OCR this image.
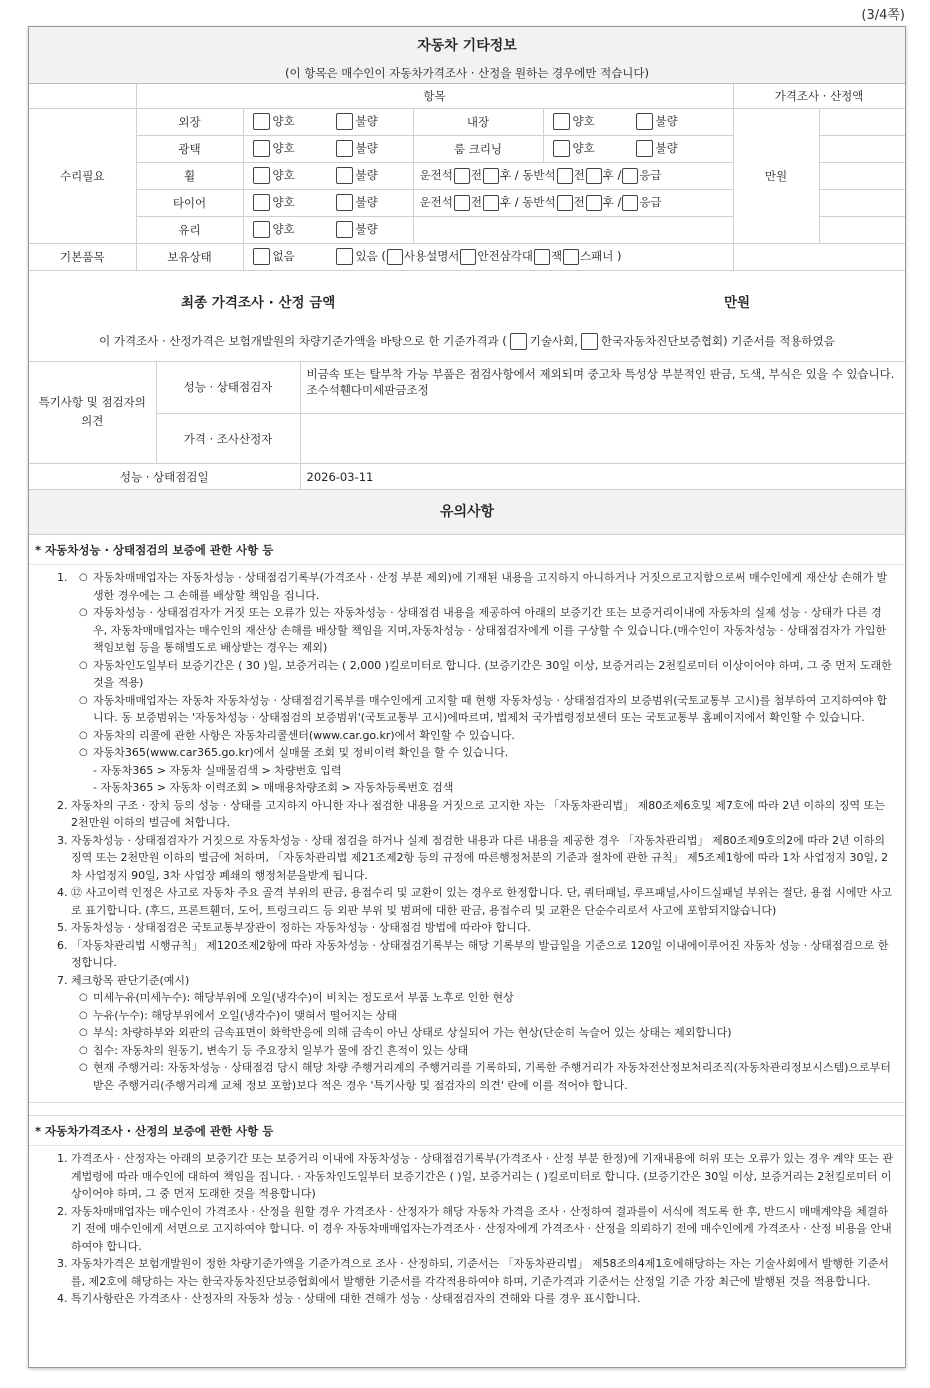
(3/4쪽)
자동차 기타정보
(이 항목은 매수인이 자동차가격조사 · 산정을 원하는 경우에만 적습니다)
	항목				가격조사 · 산정액	
수리필요	외장	양호 불량	내장	양호 불량	만원	
	광택	양호 불량	룸 크리닝	양호 불량		
	휠	양호 불량	운전석 전 후 / 동반석 전 후 / 응급			
	타이어	양호 불량	운전석 전 후 / 동반석 전 후 / 응급			
	유리	양호 불량				
기본품목	보유상태	없음 있음 ( 사용설명서 안전삼각대 잭 스패너 )				
최종 가격조사 · 산정 금액	만원
이 가격조사 · 산정가격은 보험개발원의 차량기준가액을 바탕으로 한 기준가격과 ( 기술사회, 한국자동차진단보증협회) 기준서를 적용하였음
특기사항 및 점검자의 의견	성능 · 상태점검자	비금속 또는 탈부착 가능 부품은 점검사항에서 제외되며 중고차 특성상 부분적인 판금, 도색, 부식은 있을 수 있습니다. 조수석휀다미세판금조정
	가격 · 조사산정자	
성능 · 상태점검일		2026-03-11
유의사항
* 자동차성능 · 상태점검의 보증에 관한 사항 등
1. ○ 자동차매매업자는 자동차성능 · 상태점검기록부(가격조사 · 산정 부분 제외)에 기재된 내용을 고지하지 아니하거나 거짓으로고지함으로써 매수인에게 재산상 손해가 발생한 경우에는 그 손해를 배상할 책임을 집니다.
○ 자동차성능 · 상태점검자가 거짓 또는 오류가 있는 자동차성능 · 상태점검 내용을 제공하여 아래의 보증기간 또는 보증거리이내에 자동차의 실제 성능 · 상태가 다른 경우, 자동차매매업자는 매수인의 재산상 손해를 배상할 책임을 지며,자동차성능 · 상태점검자에게 이를 구상할 수 있습니다.(매수인이 자동차성능 · 상태점검자가 가입한 책임보험 등을 통해별도로 배상받는 경우는 제외)
○ 자동차인도일부터 보증기간은 ( 30 )일, 보증거리는 ( 2,000 )킬로미터로 합니다. (보증기간은 30일 이상, 보증거리는 2천킬로미터 이상이어야 하며, 그 중 먼저 도래한 것을 적용)
○ 자동차매매업자는 자동차 자동차성능 · 상태점검기록부를 매수인에게 고지할 때 현행 자동차성능 · 상태점검자의 보증범위(국토교통부 고시)를 첨부하여 고지하여야 합니다. 동 보증범위는 '자동차성능 · 상태점검의 보증범위'(국토교통부 고시)에따르며, 법제처 국가법령정보센터 또는 국토교통부 홈페이지에서 확인할 수 있습니다.
○ 자동차의 리콜에 관한 사항은 자동차리콜센터(www.car.go.kr)에서 확인할 수 있습니다.
○ 자동차365(www.car365.go.kr)에서 실매물 조회 및 정비이력 확인을 할 수 있습니다.
- 자동차365 > 자동차 실매물검색 > 차량번호 입력
- 자동차365 > 자동차 이력조회 > 매매용차량조회 > 자동차등록번호 검색
2. 자동차의 구조 · 장치 등의 성능 · 상태를 고지하지 아니한 자나 점검한 내용을 거짓으로 고지한 자는 「자동차관리법」 제80조제6호및 제7호에 따라 2년 이하의 징역 또는 2천만원 이하의 벌금에 처합니다.
3. 자동차성능 · 상태점검자가 거짓으로 자동차성능 · 상태 점검을 하거나 실제 점검한 내용과 다른 내용을 제공한 경우 「자동차관리법」 제80조제9호의2에 따라 2년 이하의 징역 또는 2천만원 이하의 벌금에 처하며, 「자동차관리법 제21조제2항 등의 규정에 따른행정처분의 기준과 절차에 관한 규칙」 제5조제1항에 따라 1차 사업정지 30일, 2차 사업정지 90일, 3차 사업장 폐쇄의 행정처분을받게 됩니다.
4. ⑫ 사고이력 인정은 사고로 자동차 주요 골격 부위의 판금, 용접수리 및 교환이 있는 경우로 한정합니다. 단, 쿼터패널, 루프패널,사이드실패널 부위는 절단, 용접 시에만 사고로 표기합니다. (후드, 프론트휀더, 도어, 트렁크리드 등 외판 부위 및 범퍼에 대한 판금, 용접수리 및 교환은 단순수리로서 사고에 포함되지않습니다)
5. 자동차성능 · 상태점검은 국토교통부장관이 정하는 자동차성능 · 상태점검 방법에 따라야 합니다.
6. 「자동차관리법 시행규칙」 제120조제2항에 따라 자동차성능 · 상태점검기록부는 해당 기록부의 발급일을 기준으로 120일 이내에이루어진 자동차 성능 · 상태점검으로 한정합니다.
7. 체크항목 판단기준(예시)
○ 미세누유(미세누수): 해당부위에 오일(냉각수)이 비치는 정도로서 부품 노후로 인한 현상
○ 누유(누수): 해당부위에서 오일(냉각수)이 맺혀서 떨어지는 상태
○ 부식: 차량하부와 외판의 금속표면이 화학반응에 의해 금속이 아닌 상태로 상실되어 가는 현상(단순히 녹슬어 있는 상태는 제외합니다)
○ 침수: 자동차의 원동기, 변속기 등 주요장치 일부가 물에 잠긴 흔적이 있는 상태
○ 현재 주행거리: 자동차성능 · 상태점검 당시 해당 차량 주행거리계의 주행거리를 기록하되, 기록한 주행거리가 자동차전산정보처리조직(자동차관리정보시스템)으로부터 받은 주행거리(주행거리계 교체 정보 포함)보다 적은 경우 '특기사항 및 점검자의 의견' 란에 이를 적어야 합니다.
* 자동차가격조사 · 산정의 보증에 관한 사항 등
1. 가격조사 · 산정자는 아래의 보증기간 또는 보증거리 이내에 자동차성능 · 상태점검기록부(가격조사 · 산정 부분 한정)에 기재내용에 허위 또는 오류가 있는 경우 계약 또는 관계법령에 따라 매수인에 대하여 책임을 집니다. · 자동차인도일부터 보증기간은 ( )일, 보증거리는 ( )킬로미터로 합니다. (보증기간은 30일 이상, 보증거리는 2천킬로미터 이상이어야 하며, 그 중 먼저 도래한 것을 적용합니다)
2. 자동차매매업자는 매수인이 가격조사 · 산정을 원할 경우 가격조사 · 산정자가 해당 자동차 가격을 조사 · 산정하여 결과를이 서식에 적도록 한 후, 반드시 매매계약을 체결하기 전에 매수인에게 서면으로 고지하여야 합니다. 이 경우 자동차매매업자는가격조사 · 산정자에게 가격조사 · 산정을 의뢰하기 전에 매수인에게 가격조사 · 산정 비용을 안내하여야 합니다.
3. 자동차가격은 보험개발원이 정한 차량기준가액을 기준가격으로 조사 · 산정하되, 기준서는 「자동차관리법」 제58조의4제1호에해당하는 자는 기술사회에서 발행한 기준서를, 제2호에 해당하는 자는 한국자동차진단보증협회에서 발행한 기준서를 각각적용하여야 하며, 기준가격과 기준서는 산정일 기준 가장 최근에 발행된 것을 적용합니다.
4. 특기사항란은 가격조사 · 산정자의 자동차 성능 · 상태에 대한 견해가 성능 · 상태점검자의 견해와 다를 경우 표시합니다.
